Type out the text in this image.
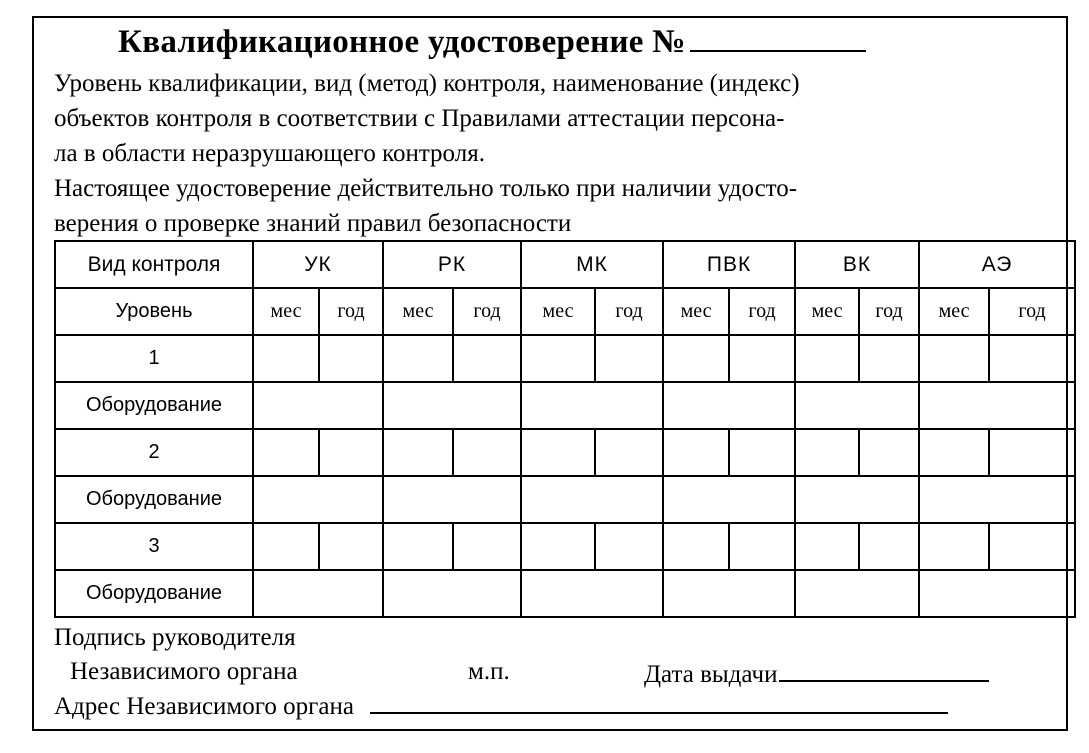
Квалификационное удостоверение №

Уровень квалификации, вид (метод) контроля, наименование (индекс)
объектов контроля в соответствии с Правилами аттестации персона-
ла в области неразрушающего контроля.

Настоящее удостоверение действительно только при наличии удосто-
верения о проверке знаний правил безопасности

Вид контроля	УК		РК		МК		ПВК		ВК		АЭ	
Уровень	мес	год	мес	год	мес	год	мес	год	мес	год	мес	год
1												
Оборудование												
2												
Оборудование												
3												
Оборудование												
Подпись руководителя
Независимого органа	м.п.	Дата выдачи
Адрес Независимого органа
